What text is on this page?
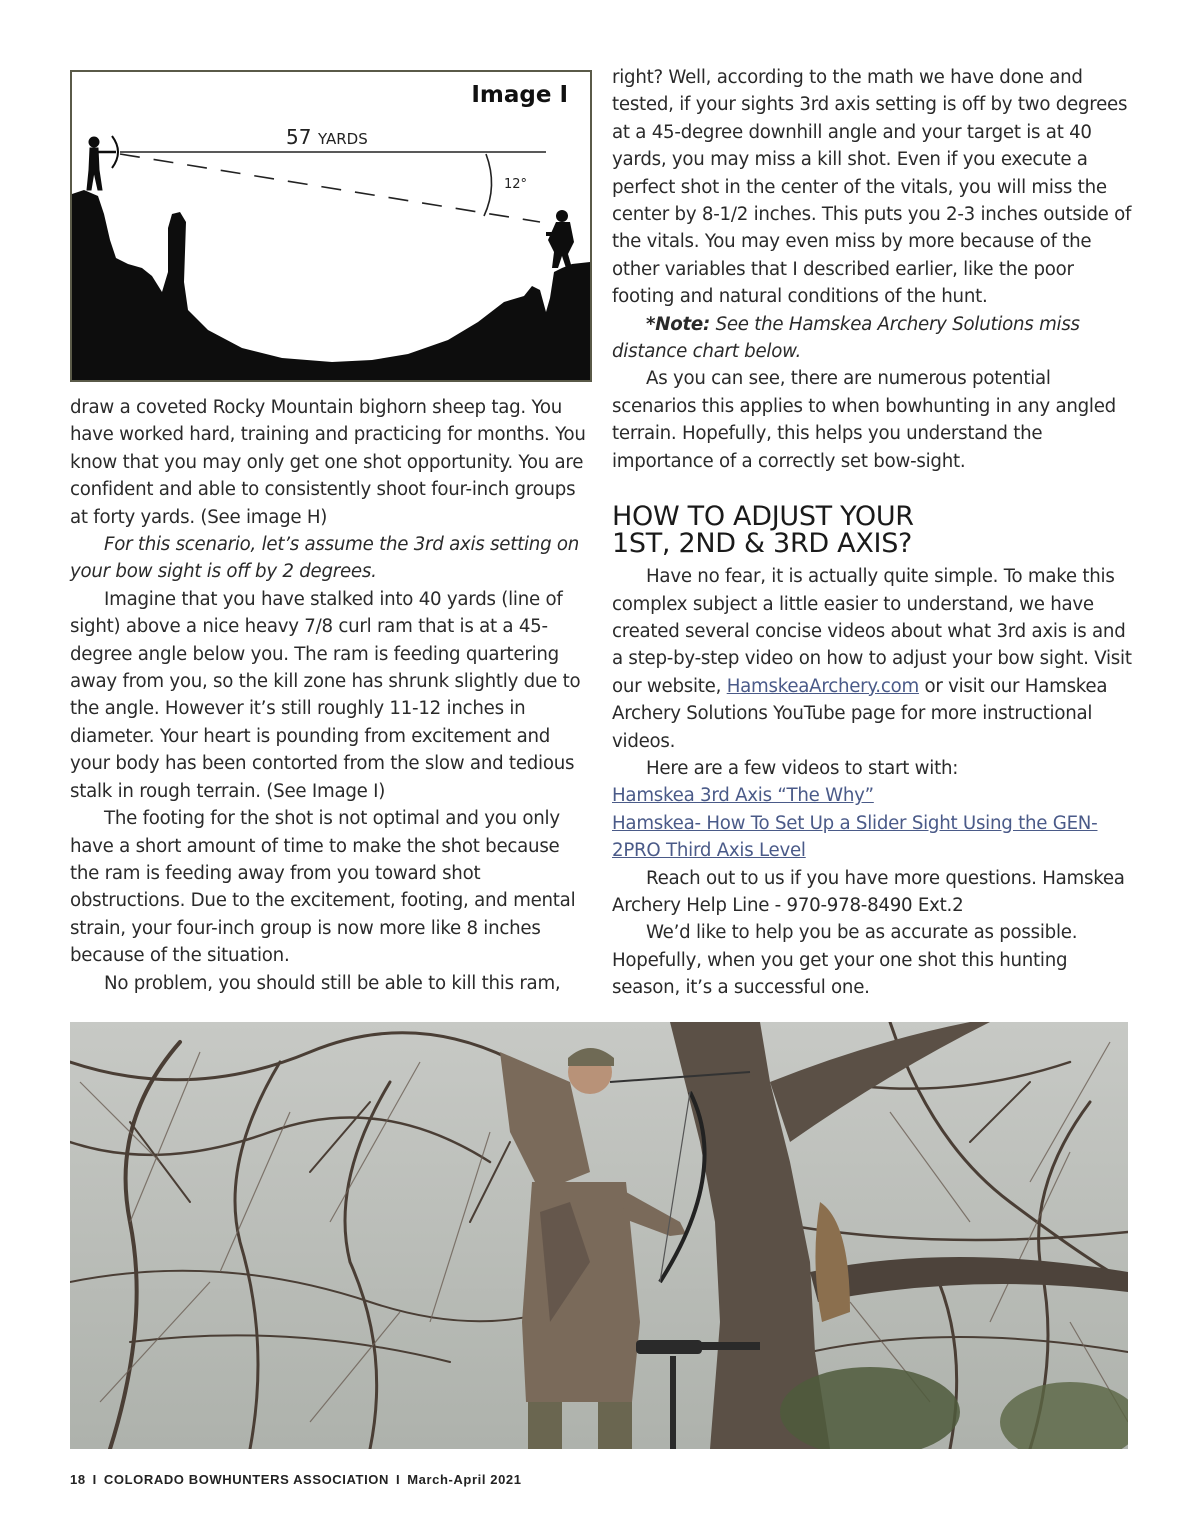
Image I
57 YARDS
12°

draw a coveted Rocky Mountain bighorn sheep tag. You have worked hard, training and practicing for months. You know that you may only get one shot opportunity. You are confident and able to consistently shoot four-inch groups at forty yards. (See image H)

For this scenario, let’s assume the 3rd axis setting on your bow sight is off by 2 degrees.

Imagine that you have stalked into 40 yards (line of sight) above a nice heavy 7/8 curl ram that is at a 45-degree angle below you. The ram is feeding quartering away from you, so the kill zone has shrunk slightly due to the angle. However it’s still roughly 11-12 inches in diameter. Your heart is pounding from excitement and your body has been contorted from the slow and tedious stalk in rough terrain. (See Image I)

The footing for the shot is not optimal and you only have a short amount of time to make the shot because the ram is feeding away from you toward shot obstructions. Due to the excitement, footing, and mental strain, your four-inch group is now more like 8 inches because of the situation.

No problem, you should still be able to kill this ram,

right? Well, according to the math we have done and tested, if your sights 3rd axis setting is off by two degrees at a 45-degree downhill angle and your target is at 40 yards, you may miss a kill shot. Even if you execute a perfect shot in the center of the vitals, you will miss the center by 8-1/2 inches. This puts you 2-3 inches outside of the vitals. You may even miss by more because of the other variables that I described earlier, like the poor footing and natural conditions of the hunt.

*Note: See the Hamskea Archery Solutions miss distance chart below.

As you can see, there are numerous potential scenarios this applies to when bowhunting in any angled terrain. Hopefully, this helps you understand the importance of a correctly set bow-sight.

HOW TO ADJUST YOUR
1ST, 2ND & 3RD AXIS?

Have no fear, it is actually quite simple. To make this complex subject a little easier to understand, we have created several concise videos about what 3rd axis is and a step-by-step video on how to adjust your bow sight. Visit our website, HamskeaArchery.com or visit our Hamskea Archery Solutions YouTube page for more instructional videos.

Here are a few videos to start with:

Hamskea 3rd Axis “The Why”

Hamskea- How To Set Up a Slider Sight Using the GEN-2PRO Third Axis Level

Reach out to us if you have more questions. Hamskea Archery Help Line - 970-978-8490 Ext.2

We’d like to help you be as accurate as possible. Hopefully, when you get your one shot this hunting season, it’s a successful one.

18 I COLORADO BOWHUNTERS ASSOCIATION I March-April 2021
